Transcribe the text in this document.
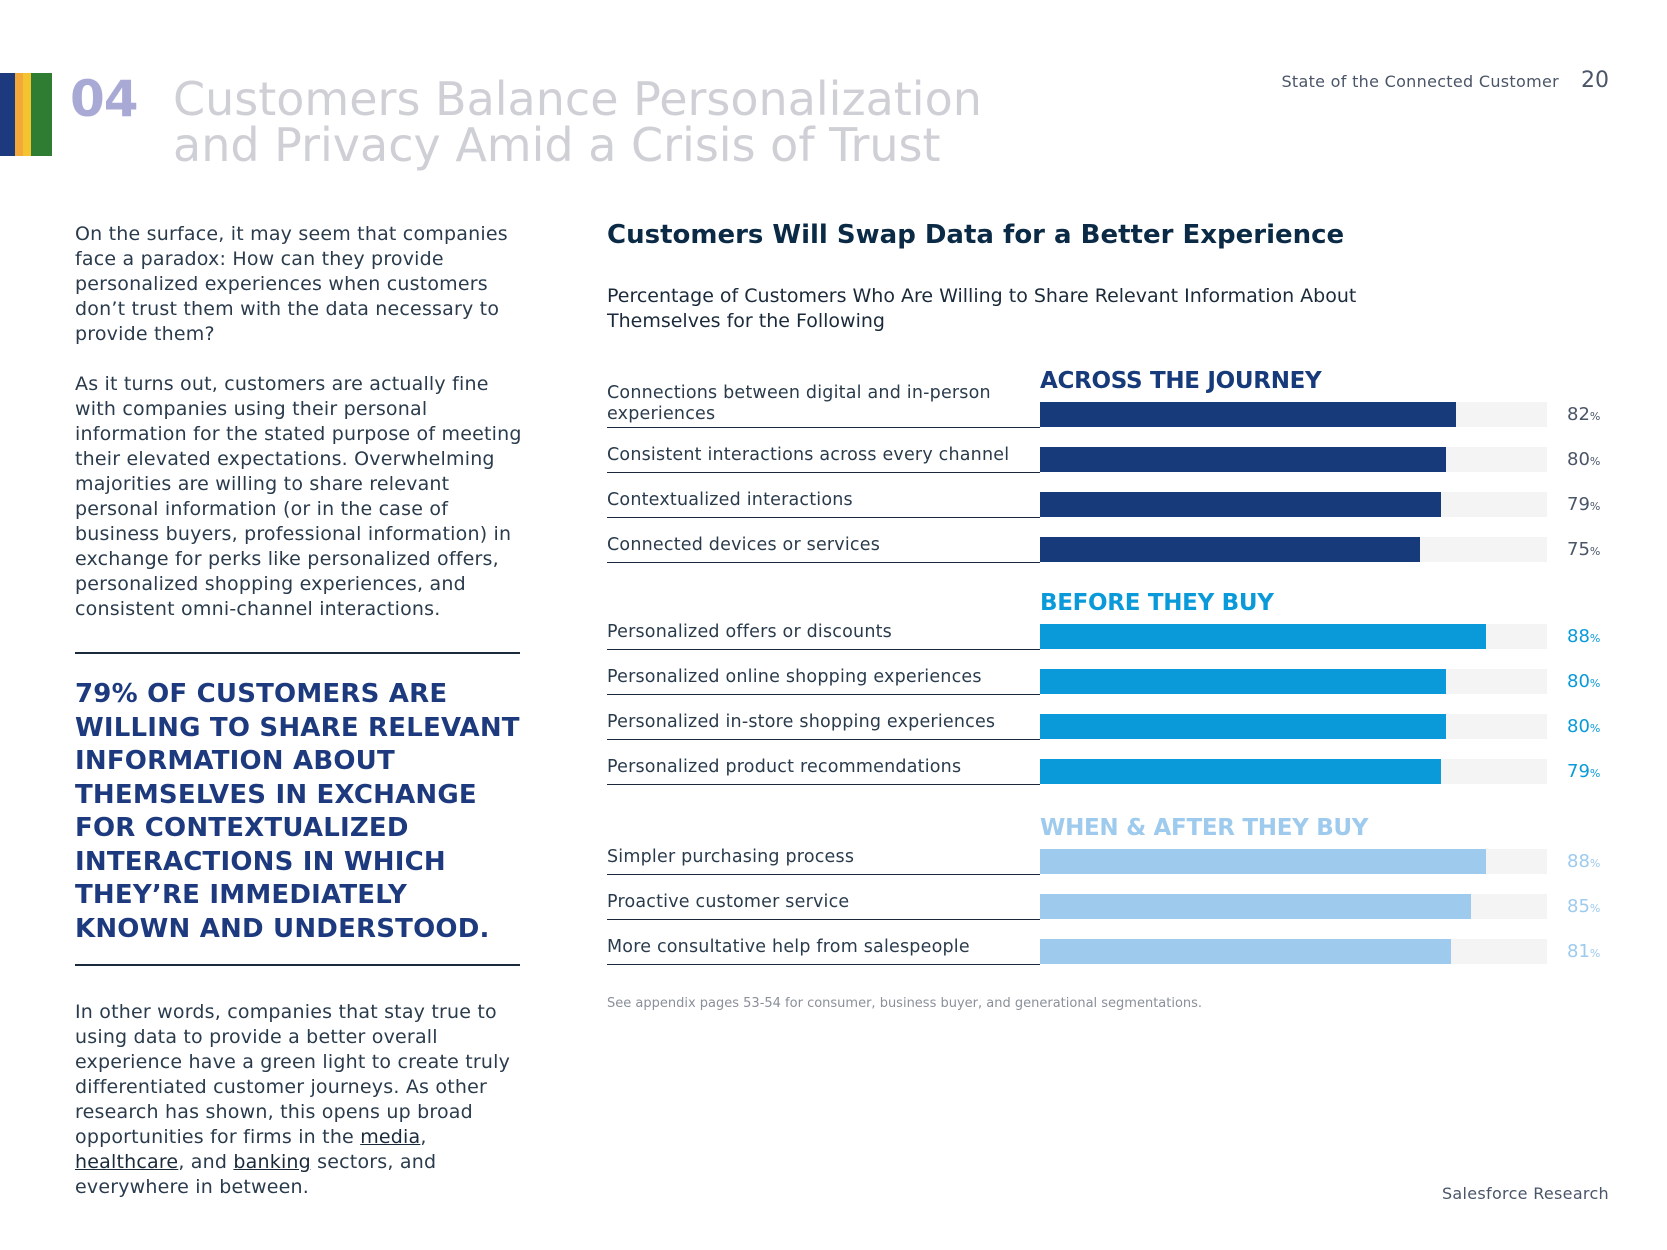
04 Customers Balance Personalization and Privacy Amid a Crisis of Trust
State of the Connected Customer 20

On the surface, it may seem that companies face a paradox: How can they provide personalized experiences when customers don’t trust them with the data necessary to provide them?

As it turns out, customers are actually fine with companies using their personal information for the stated purpose of meeting their elevated expectations. Overwhelming majorities are willing to share relevant personal information (or in the case of business buyers, professional information) in exchange for perks like personalized offers, personalized shopping experiences, and consistent omni-channel interactions.

79% OF CUSTOMERS ARE WILLING TO SHARE RELEVANT INFORMATION ABOUT THEMSELVES IN EXCHANGE FOR CONTEXTUALIZED INTERACTIONS IN WHICH THEY’RE IMMEDIATELY KNOWN AND UNDERSTOOD.

In other words, companies that stay true to using data to provide a better overall experience have a green light to create truly differentiated customer journeys. As other research has shown, this opens up broad opportunities for firms in the media, healthcare, and banking sectors, and everywhere in between.

Customers Will Swap Data for a Better Experience

Percentage of Customers Who Are Willing to Share Relevant Information About Themselves for the Following

ACROSS THE JOURNEY
Connections between digital and in-person experiences	82%
Consistent interactions across every channel	80%
Contextualized interactions	79%
Connected devices or services	75%
BEFORE THEY BUY
Personalized offers or discounts	88%
Personalized online shopping experiences	80%
Personalized in-store shopping experiences	80%
Personalized product recommendations	79%
WHEN & AFTER THEY BUY
Simpler purchasing process	88%
Proactive customer service	85%
More consultative help from salespeople	81%

See appendix pages 53-54 for consumer, business buyer, and generational segmentations.

Salesforce Research
